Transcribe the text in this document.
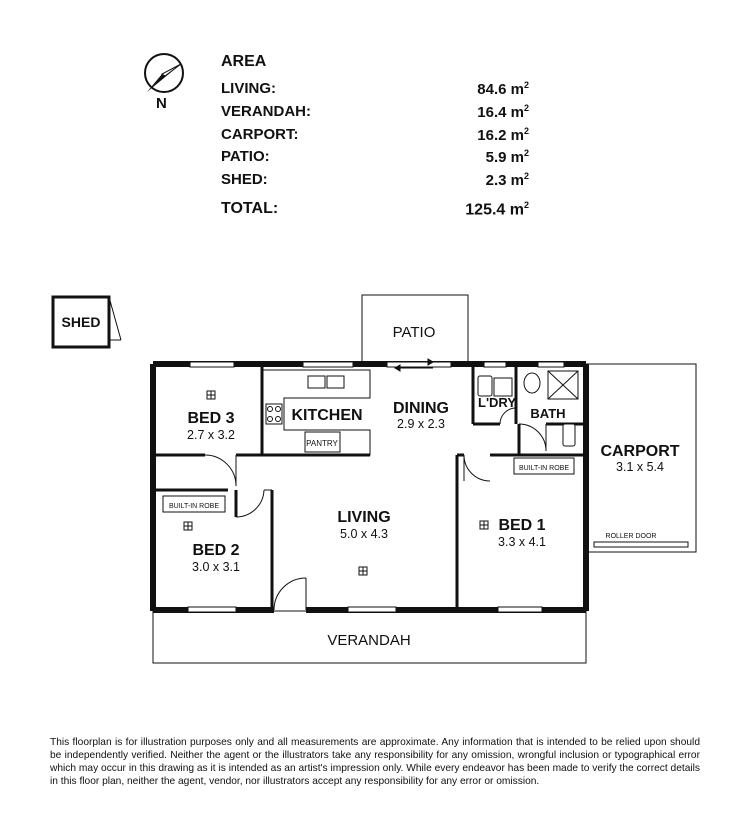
N
AREA
LIVING:	84.6 $m^2$
VERANDAH:	16.4 $m^2$
CARPORT:	16.2 $m^2$
PATIO:	5.9 $m^2$
SHED:	2.3 $m^2$
TOTAL:	125.4 $m^2$
SHED
PATIO
CARPORT
3.1 x 5.4
ROLLER DOOR
VERANDAH
KITCHEN
PANTRY
L'DRY
BATH
BUILT-IN ROBE
BUILT-IN ROBE
BED 3
2.7 x 3.2
DINING
2.9 x 2.3
BED 2
3.0 x 3.1
LIVING
5.0 x 4.3	BED 1
3.3 x 4.1
This floorplan is for illustration purposes only and all measurements are approximate. Any information that is intended to be relied upon should be independently verified. Neither the agent or the illustrators take any responsibility for any omission, wrongful inclusion or typographical error which may occur in this drawing as it is intended as an artist's impression only. While every endeavor has been made to verify the correct details in this floor plan, neither the agent, vendor, nor illustrators accept any responsibility for any error or omission.
